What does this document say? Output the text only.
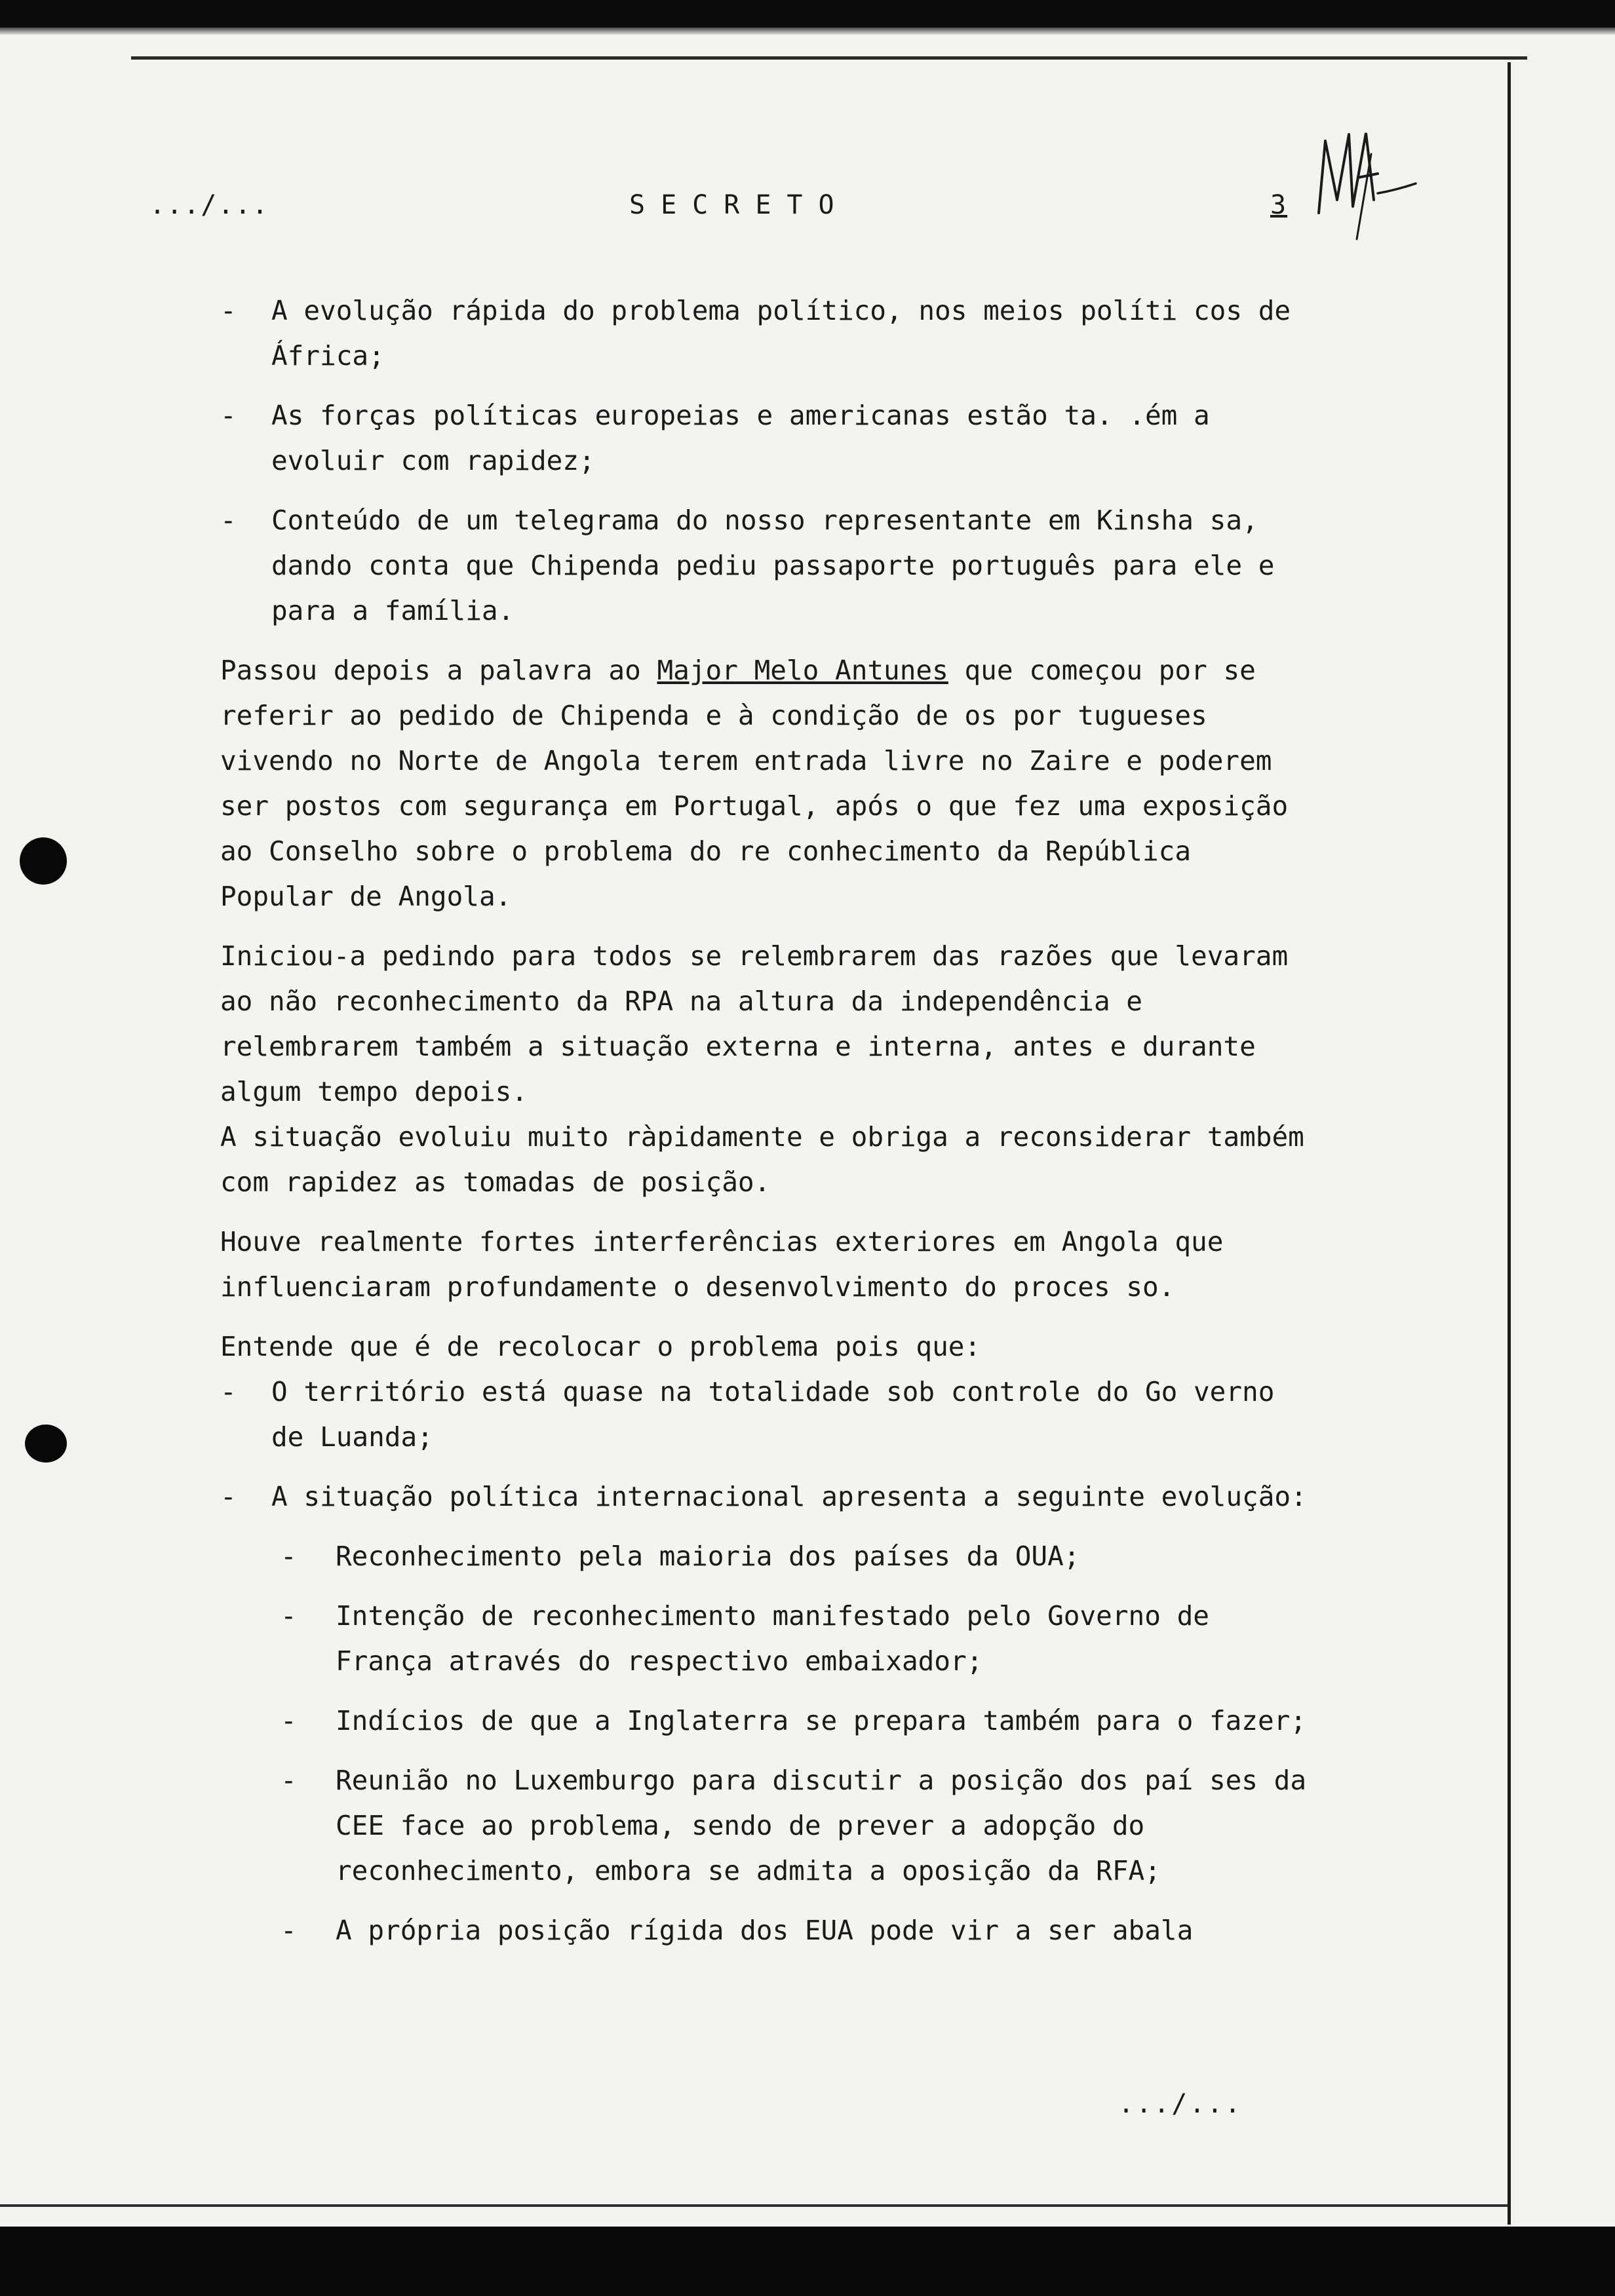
.../...	SECRETO	3
- A evolução rápida do problema político, nos meios políti cos de África;
- As forças políticas europeias e americanas estão ta. .ém a evoluir com rapidez;
- Conteúdo de um telegrama do nosso representante em Kinsha sa, dando conta que Chipenda pediu passaporte português para ele e para a família.

Passou depois a palavra ao Major Melo Antunes que começou por se referir ao pedido de Chipenda e à condição de os por tugueses vivendo no Norte de Angola terem entrada livre no Zaire e poderem ser postos com segurança em Portugal, após o que fez uma exposição ao Conselho sobre o problema do re conhecimento da República Popular de Angola.

Iniciou-a pedindo para todos se relembrarem das razões que levaram ao não reconhecimento da RPA na altura da independência e relembrarem também a situação externa e interna, antes e durante algum tempo depois.

A situação evoluiu muito ràpidamente e obriga a reconsiderar também com rapidez as tomadas de posição.

Houve realmente fortes interferências exteriores em Angola que influenciaram profundamente o desenvolvimento do proces so.

Entende que é de recolocar o problema pois que:

- O território está quase na totalidade sob controle do Go verno de Luanda;
- A situação política internacional apresenta a seguinte evolução:
- Reconhecimento pela maioria dos países da OUA;
- Intenção de reconhecimento manifestado pelo Governo de França através do respectivo embaixador;
- Indícios de que a Inglaterra se prepara também para o fazer;
- Reunião no Luxemburgo para discutir a posição dos paí ses da CEE face ao problema, sendo de prever a adopção do reconhecimento, embora se admita a oposição da RFA;
- A própria posição rígida dos EUA pode vir a ser abala
.../...
